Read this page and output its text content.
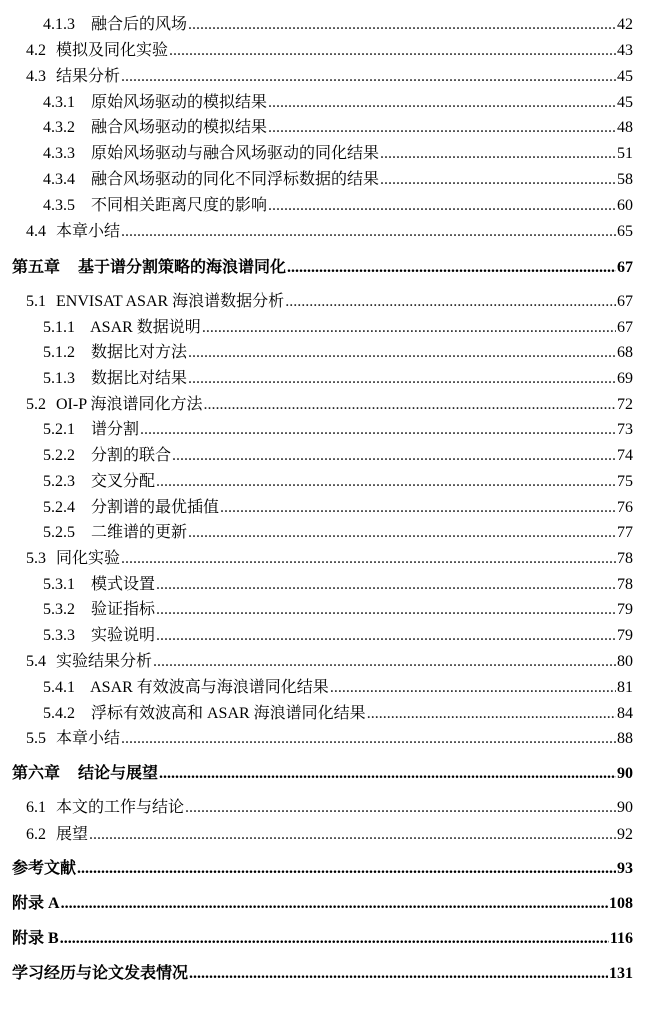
4.1.3 融合后的风场 .....	42
4.2 模拟及同化实验 .....	43
4.3 结果分析 .....	45
4.3.1 原始风场驱动的模拟结果 .....	45
4.3.2 融合风场驱动的模拟结果 .....	48
4.3.3 原始风场驱动与融合风场驱动的同化结果 .....	51
4.3.4 融合风场驱动的同化不同浮标数据的结果 .....	58
4.3.5 不同相关距离尺度的影响 .....	60
4.4 本章小结 .....	65
第五章 基于谱分割策略的海浪谱同化 .....	67
5.1 ENVISAT ASAR 海浪谱数据分析 .....	67
5.1.1 ASAR 数据说明 .....	67
5.1.2 数据比对方法 .....	68
5.1.3 数据比对结果 .....	69
5.2 OI-P 海浪谱同化方法 .....	72
5.2.1 谱分割 .....	73
5.2.2 分割的联合 .....	74
5.2.3 交叉分配 .....	75
5.2.4 分割谱的最优插值 .....	76
5.2.5 二维谱的更新 .....	77
5.3 同化实验 .....	78
5.3.1 模式设置 .....	78
5.3.2 验证指标 .....	79
5.3.3 实验说明 .....	79
5.4 实验结果分析 .....	80
5.4.1 ASAR 有效波高与海浪谱同化结果 .....	81
5.4.2 浮标有效波高和 ASAR 海浪谱同化结果 .....	84
5.5 本章小结 .....	88
第六章 结论与展望 .....	90
6.1 本文的工作与结论 .....	90
6.2 展望 .....	92
参考文献 .....	93
附录 A .....	108
附录 B .....	116
学习经历与论文发表情况 .....	131
